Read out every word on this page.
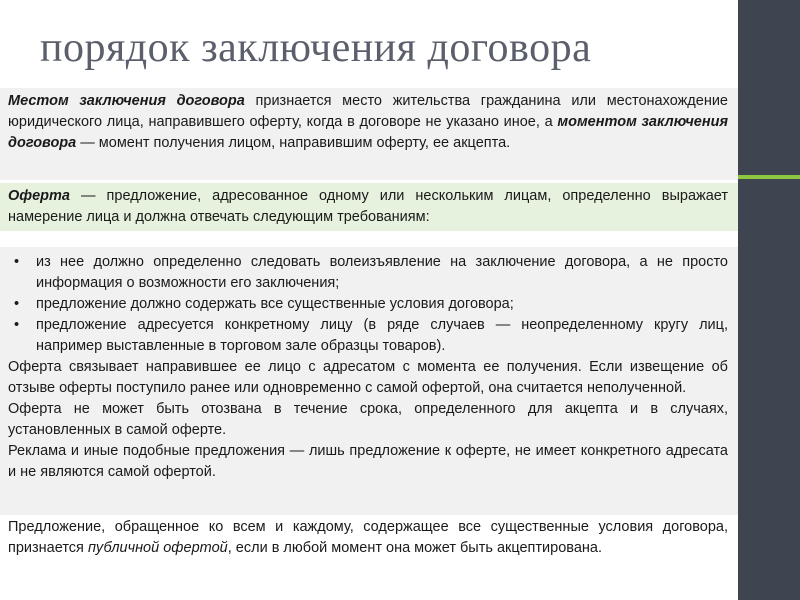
порядок заключения договора

Местом заключения договора признается место жительства гражданина или местонахождение юридического лица, направившего оферту, когда в договоре не указано иное, а моментом заключения договора — момент получения лицом, направившим оферту, ее акцепта.

Оферта — предложение, адресованное одному или нескольким лицам, определенно выражает намерение лица и должна отвечать следующим требованиям:

• из нее должно определенно следовать волеизъявление на заключение договора, а не просто информация о возможности его заключения;
• предложение должно содержать все существенные условия договора;
• предложение адресуется конкретному лицу (в ряде случаев — неопределенному кругу лиц, например выставленные в торговом зале образцы товаров).

Оферта связывает направившее ее лицо с адресатом с момента ее получения. Если извещение об отзыве оферты поступило ранее или одновременно с самой офертой, она считается неполученной.

Оферта не может быть отозвана в течение срока, определенного для акцепта и в случаях, установленных в самой оферте.

Реклама и иные подобные предложения — лишь предложение к оферте, не имеет конкретного адресата и не являются самой офертой.

Предложение, обращенное ко всем и каждому, содержащее все существенные условия договора, признается публичной офертой, если в любой момент она может быть акцептирована.
